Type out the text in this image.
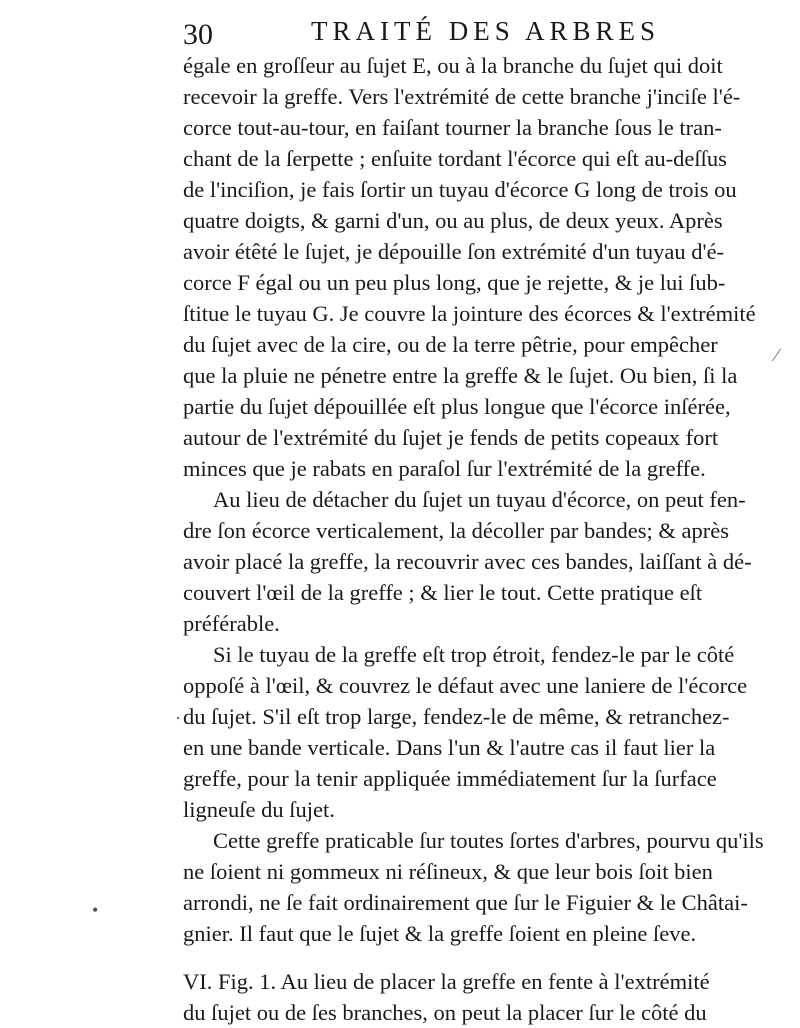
30	TRAITÉ DES ARBRES
égale en groſſeur au ſujet E, ou à la branche du ſujet qui doit
recevoir la greffe. Vers l'extrémité de cette branche j'inciſe l'é-
corce tout-au-tour, en faiſant tourner la branche ſous le tran-
chant de la ſerpette ; enſuite tordant l'écorce qui eſt au-deſſus
de l'inciſion, je fais ſortir un tuyau d'écorce G long de trois ou
quatre doigts, & garni d'un, ou au plus, de deux yeux. Après
avoir étêté le ſujet, je dépouille ſon extrémité d'un tuyau d'é-
corce F égal ou un peu plus long, que je rejette, & je lui ſub-
ſtitue le tuyau G. Je couvre la jointure des écorces & l'extrémité
du ſujet avec de la cire, ou de la terre pêtrie, pour empêcher
que la pluie ne pénetre entre la greffe & le ſujet. Ou bien, ſi la
partie du ſujet dépouillée eſt plus longue que l'écorce inſérée,
autour de l'extrémité du ſujet je fends de petits copeaux fort
minces que je rabats en paraſol ſur l'extrémité de la greffe.
Au lieu de détacher du ſujet un tuyau d'écorce, on peut fen-
dre ſon écorce verticalement, la décoller par bandes; & après
avoir placé la greffe, la recouvrir avec ces bandes, laiſſant à dé-
couvert l'œil de la greffe ; & lier le tout. Cette pratique eſt
préférable.
Si le tuyau de la greffe eſt trop étroit, fendez-le par le côté
oppoſé à l'œil, & couvrez le défaut avec une laniere de l'écorce
du ſujet. S'il eſt trop large, fendez-le de même, & retranchez-
en une bande verticale. Dans l'un & l'autre cas il faut lier la
greffe, pour la tenir appliquée immédiatement ſur la ſurface
ligneuſe du ſujet.
Cette greffe praticable ſur toutes ſortes d'arbres, pourvu qu'ils
ne ſoient ni gommeux ni réſineux, & que leur bois ſoit bien
arrondi, ne ſe fait ordinairement que ſur le Figuier & le Châtai-
gnier. Il faut que le ſujet & la greffe ſoient en pleine ſeve.
VI. Fig. 1. Au lieu de placer la greffe en fente à l'extrémité
du ſujet ou de ſes branches, on peut la placer ſur le côté du
⁄
·
•
